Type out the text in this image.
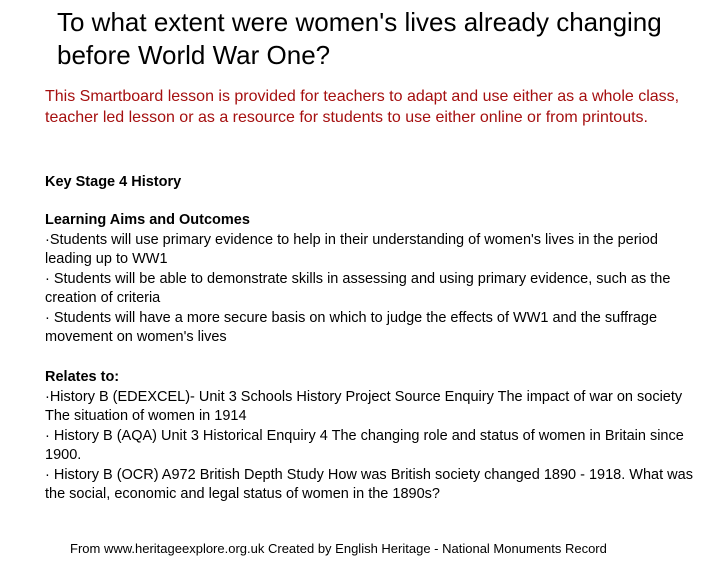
To what extent were women's lives already changing
before World War One?
This Smartboard lesson is provided for teachers to adapt and use either as a whole class, teacher led lesson or as a resource for students to use either online or from printouts.
Key Stage 4 History
Learning Aims and Outcomes
·Students will use primary evidence to help in their understanding of women's lives in the period leading up to WW1
· Students will be able to demonstrate skills in assessing and using primary evidence, such as the creation of criteria
· Students will have a more secure basis on which to judge the effects of WW1 and the suffrage movement on women's lives
Relates to:
·History B (EDEXCEL)- Unit 3 Schools History Project Source Enquiry The impact of war on society The situation of women in 1914
· History B (AQA) Unit 3 Historical Enquiry 4 The changing role and status of women in Britain since 1900.
· History B (OCR) A972 British Depth Study How was British society changed 1890 - 1918. What was the social, economic and legal status of women in the 1890s?
From www.heritageexplore.org.uk Created by English Heritage - National Monuments Record
